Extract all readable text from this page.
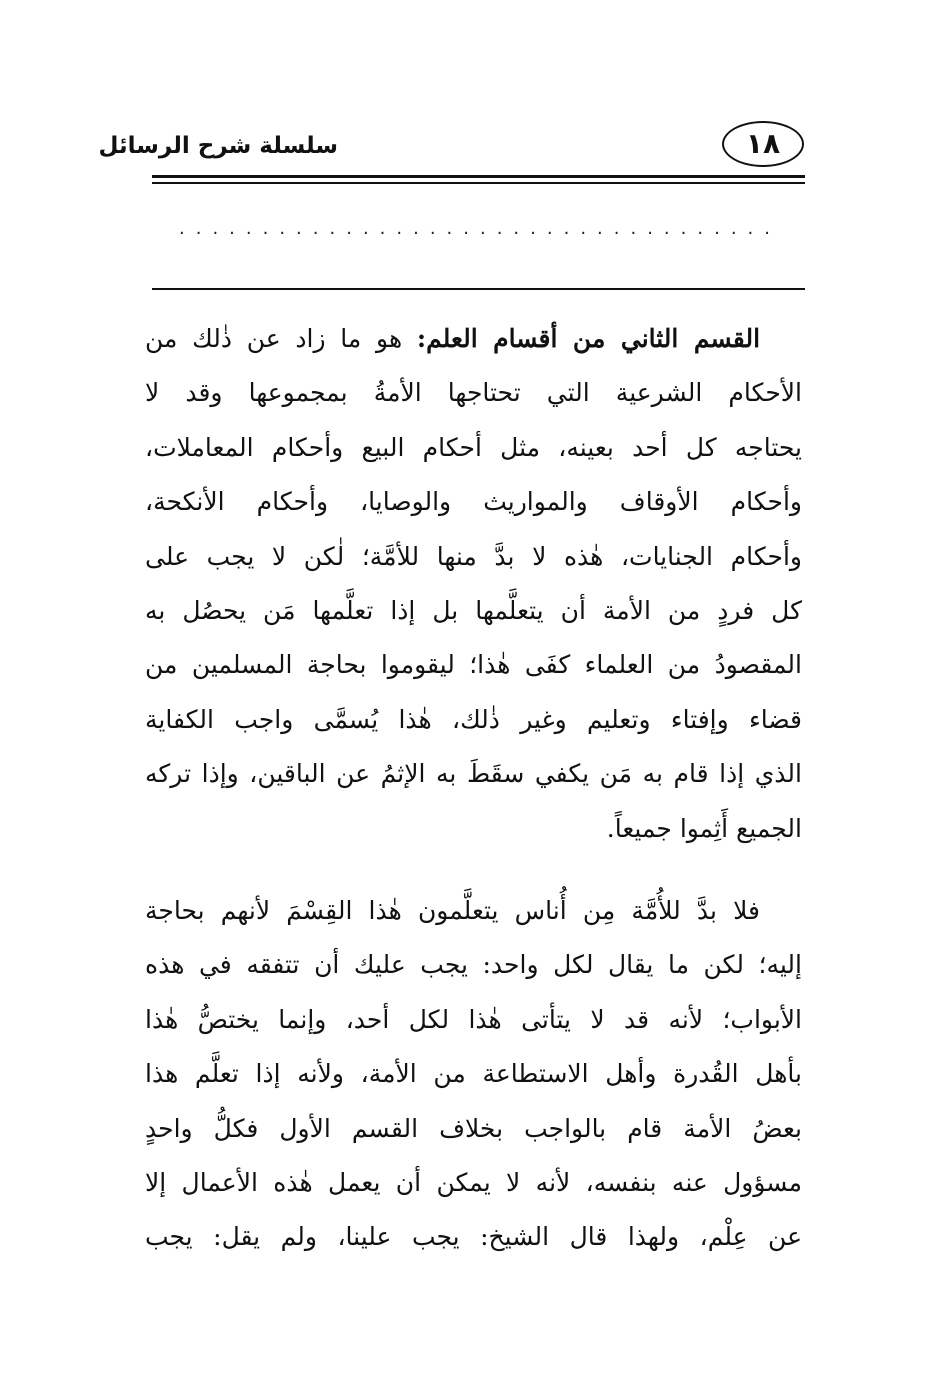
١٨
سلسلة شرح الرسائل
....................................
القسم الثاني من أقسام العلم: هو ما زاد عن ذٰلك من
الأحكام الشرعية التي تحتاجها الأمةُ بمجموعها وقد لا
يحتاجه كل أحد بعينه، مثل أحكام البيع وأحكام المعاملات،
وأحكام الأوقاف والمواريث والوصايا، وأحكام الأنكحة،
وأحكام الجنايات، هٰذه لا بدَّ منها للأمَّة؛ لٰكن لا يجب على
كل فردٍ من الأمة أن يتعلَّمها بل إذا تعلَّمها مَن يحصُل به
المقصودُ من العلماء كفَى هٰذا؛ ليقوموا بحاجة المسلمين من
قضاء وإفتاء وتعليم وغير ذٰلك، هٰذا يُسمَّى واجب الكفاية
الذي إذا قام به مَن يكفي سقَطَ به الإثمُ عن الباقين، وإذا تركه
الجميع أَثِموا جميعاً.
فلا بدَّ للأُمَّة مِن أُناس يتعلَّمون هٰذا القِسْمَ لأنهم بحاجة
إليه؛ لكن ما يقال لكل واحد: يجب عليك أن تتفقه في هذه
الأبواب؛ لأنه قد لا يتأتى هٰذا لكل أحد، وإنما يختصُّ هٰذا
بأهل القُدرة وأهل الاستطاعة من الأمة، ولأنه إذا تعلَّم هذا
بعضُ الأمة قام بالواجب بخلاف القسم الأول فكلُّ واحدٍ
مسؤول عنه بنفسه، لأنه لا يمكن أن يعمل هٰذه الأعمال إلا
عن عِلْم، ولهذا قال الشيخ: يجب علينا، ولم يقل: يجب
